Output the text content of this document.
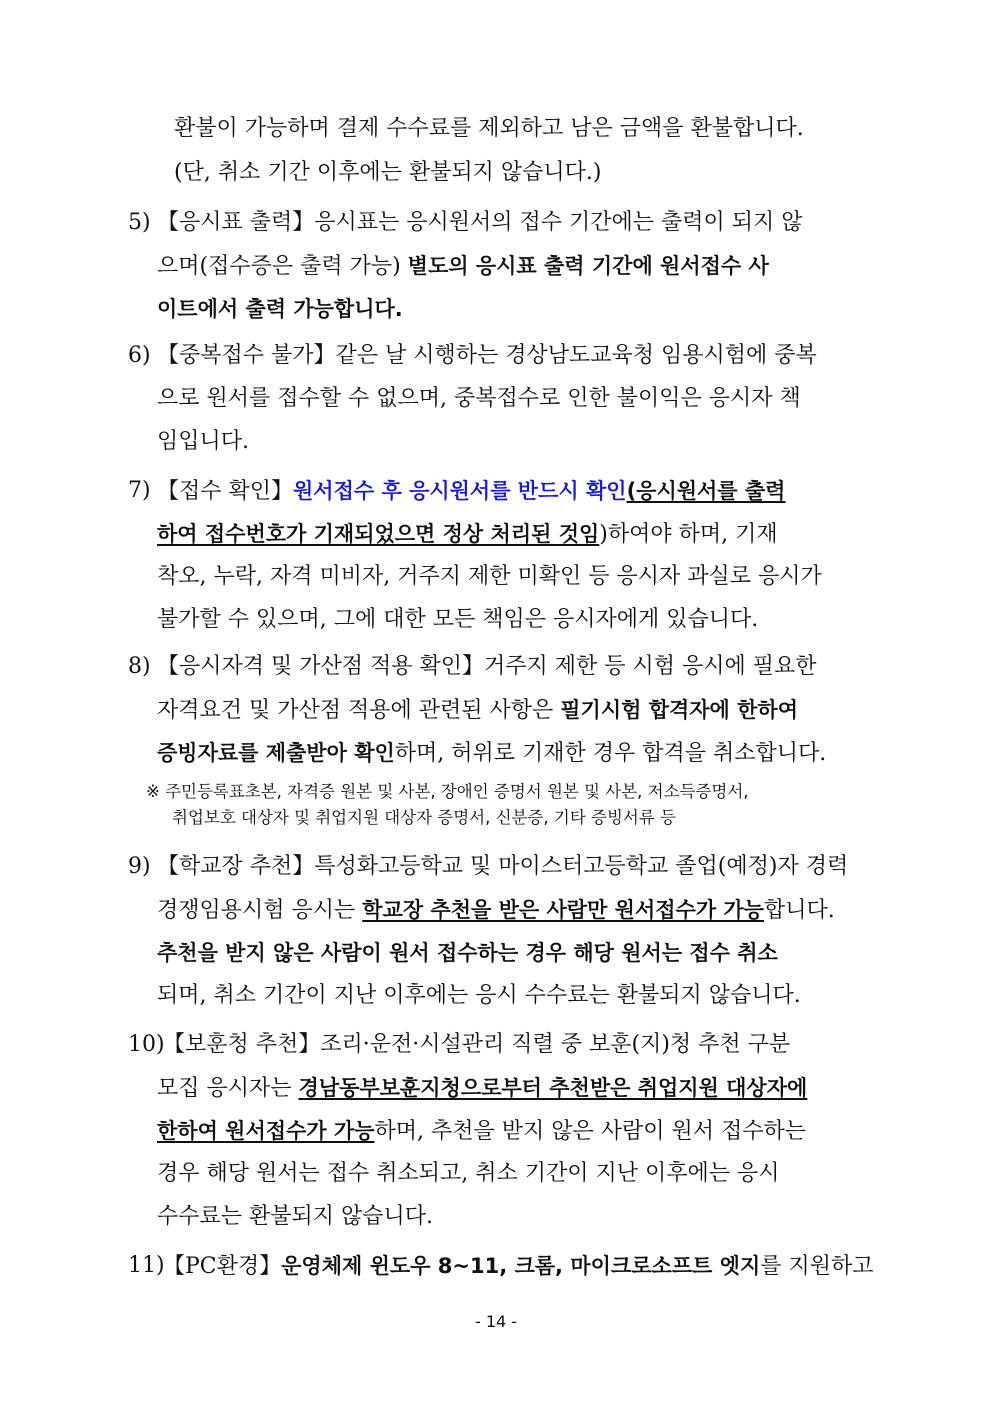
환불이 가능하며 결제 수수료를 제외하고 남은 금액을 환불합니다.
(단, 취소 기간 이후에는 환불되지 않습니다.)
5) 【응시표 출력】응시표는 응시원서의 접수 기간에는 출력이 되지 않
으며(접수증은 출력 가능) 별도의 응시표 출력 기간에 원서접수 사
이트에서 출력 가능합니다.
6) 【중복접수 불가】같은 날 시행하는 경상남도교육청 임용시험에 중복
으로 원서를 접수할 수 없으며, 중복접수로 인한 불이익은 응시자 책
임입니다.
7) 【접수 확인】원서접수 후 응시원서를 반드시 확인(응시원서를 출력
하여 접수번호가 기재되었으면 정상 처리된 것임)하여야 하며, 기재
착오, 누락, 자격 미비자, 거주지 제한 미확인 등 응시자 과실로 응시가
불가할 수 있으며, 그에 대한 모든 책임은 응시자에게 있습니다.
8) 【응시자격 및 가산점 적용 확인】거주지 제한 등 시험 응시에 필요한
자격요건 및 가산점 적용에 관련된 사항은 필기시험 합격자에 한하여
증빙자료를 제출받아 확인하며, 허위로 기재한 경우 합격을 취소합니다.
※ 주민등록표초본, 자격증 원본 및 사본, 장애인 증명서 원본 및 사본, 저소득증명서,
취업보호 대상자 및 취업지원 대상자 증명서, 신분증, 기타 증빙서류 등
9) 【학교장 추천】특성화고등학교 및 마이스터고등학교 졸업(예정)자 경력
경쟁임용시험 응시는 학교장 추천을 받은 사람만 원서접수가 가능합니다.
추천을 받지 않은 사람이 원서 접수하는 경우 해당 원서는 접수 취소
되며, 취소 기간이 지난 이후에는 응시 수수료는 환불되지 않습니다.
10)
【보훈청 추천】조리·운전·시설관리 직렬 중 보훈(지)청 추천 구분
모집 응시자는 경남동부보훈지청으로부터 추천받은 취업지원 대상자에
한하여 원서접수가 가능하며, 추천을 받지 않은 사람이 원서 접수하는
경우 해당 원서는 접수 취소되고, 취소 기간이 지난 이후에는 응시
수수료는 환불되지 않습니다.
11)
【PC환경】운영체제 윈도우 8~11, 크롬, 마이크로소프트 엣지를 지원하고
- 14 -
